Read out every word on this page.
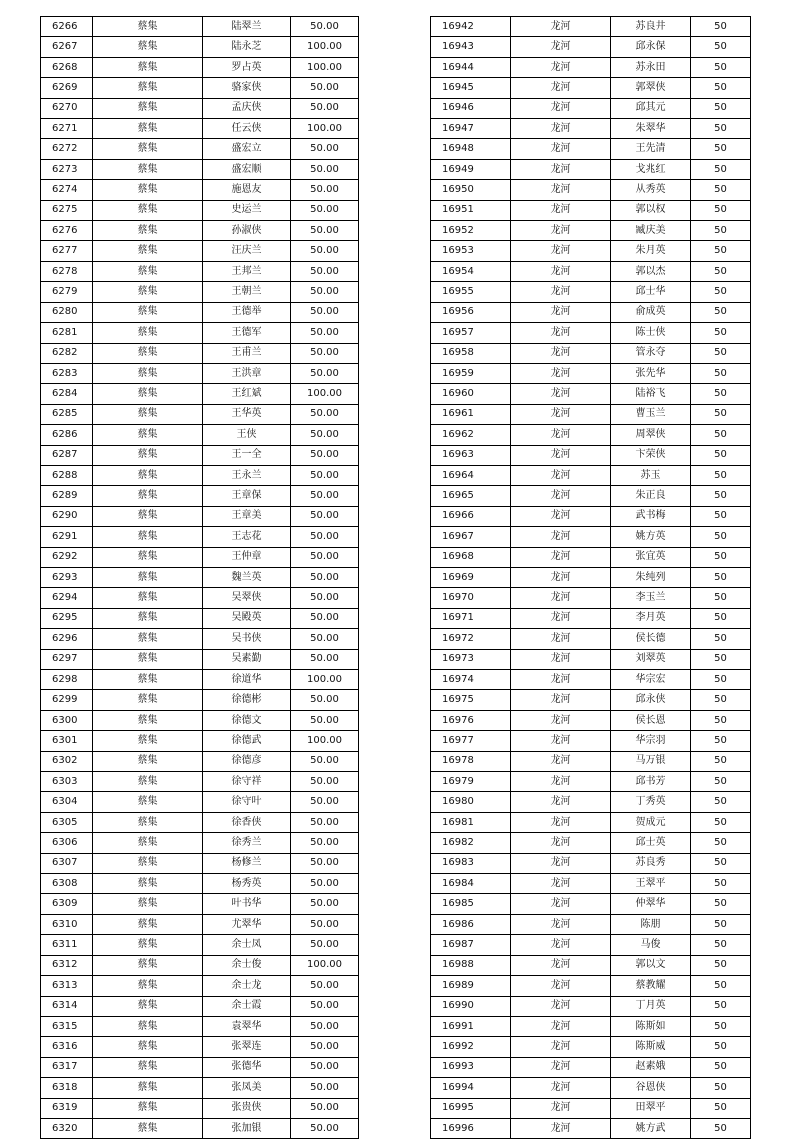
6266	蔡集	陆翠兰	50.00
6267	蔡集	陆永芝	100.00
6268	蔡集	罗占英	100.00
6269	蔡集	骆家侠	50.00
6270	蔡集	孟庆侠	50.00
6271	蔡集	任云侠	100.00
6272	蔡集	盛宏立	50.00
6273	蔡集	盛宏顺	50.00
6274	蔡集	施恩友	50.00
6275	蔡集	史运兰	50.00
6276	蔡集	孙淑侠	50.00
6277	蔡集	汪庆兰	50.00
6278	蔡集	王邦兰	50.00
6279	蔡集	王朝兰	50.00
6280	蔡集	王德举	50.00
6281	蔡集	王德军	50.00
6282	蔡集	王甫兰	50.00
6283	蔡集	王洪章	50.00
6284	蔡集	王红斌	100.00
6285	蔡集	王华英	50.00
6286	蔡集	王侠	50.00
6287	蔡集	王一全	50.00
6288	蔡集	王永兰	50.00
6289	蔡集	王章保	50.00
6290	蔡集	王章美	50.00
6291	蔡集	王志花	50.00
6292	蔡集	王仲章	50.00
6293	蔡集	魏兰英	50.00
6294	蔡集	吴翠侠	50.00
6295	蔡集	吴殿英	50.00
6296	蔡集	吴书侠	50.00
6297	蔡集	吴素勤	50.00
6298	蔡集	徐道华	100.00
6299	蔡集	徐德彬	50.00
6300	蔡集	徐德文	50.00
6301	蔡集	徐德武	100.00
6302	蔡集	徐德彦	50.00
6303	蔡集	徐守祥	50.00
6304	蔡集	徐守叶	50.00
6305	蔡集	徐香侠	50.00
6306	蔡集	徐秀兰	50.00
6307	蔡集	杨修兰	50.00
6308	蔡集	杨秀英	50.00
6309	蔡集	叶书华	50.00
6310	蔡集	尤翠华	50.00
6311	蔡集	余士凤	50.00
6312	蔡集	余士俊	100.00
6313	蔡集	余士龙	50.00
6314	蔡集	余士霞	50.00
6315	蔡集	袁翠华	50.00
6316	蔡集	张翠连	50.00
6317	蔡集	张德华	50.00
6318	蔡集	张凤美	50.00
6319	蔡集	张贵侠	50.00
6320	蔡集	张加银	50.00
16942	龙河	苏良井	50
16943	龙河	邱永保	50
16944	龙河	苏永田	50
16945	龙河	郭翠侠	50
16946	龙河	邱其元	50
16947	龙河	朱翠华	50
16948	龙河	王先清	50
16949	龙河	戈兆红	50
16950	龙河	从秀英	50
16951	龙河	郭以权	50
16952	龙河	臧庆美	50
16953	龙河	朱月英	50
16954	龙河	郭以杰	50
16955	龙河	邱士华	50
16956	龙河	俞成英	50
16957	龙河	陈士侠	50
16958	龙河	管永夺	50
16959	龙河	张先华	50
16960	龙河	陆裕飞	50
16961	龙河	曹玉兰	50
16962	龙河	周翠侠	50
16963	龙河	卞荣侠	50
16964	龙河	苏玉	50
16965	龙河	朱正良	50
16966	龙河	武书梅	50
16967	龙河	姚方英	50
16968	龙河	张宜英	50
16969	龙河	朱纯列	50
16970	龙河	李玉兰	50
16971	龙河	李月英	50
16972	龙河	侯长德	50
16973	龙河	刘翠英	50
16974	龙河	华宗宏	50
16975	龙河	邱永侠	50
16976	龙河	侯长恩	50
16977	龙河	华宗羽	50
16978	龙河	马万银	50
16979	龙河	邱书芳	50
16980	龙河	丁秀英	50
16981	龙河	贺成元	50
16982	龙河	邱士英	50
16983	龙河	苏良秀	50
16984	龙河	王翠平	50
16985	龙河	仲翠华	50
16986	龙河	陈朋	50
16987	龙河	马俊	50
16988	龙河	郭以文	50
16989	龙河	蔡教耀	50
16990	龙河	丁月英	50
16991	龙河	陈斯如	50
16992	龙河	陈斯威	50
16993	龙河	赵素娥	50
16994	龙河	谷恩侠	50
16995	龙河	田翠平	50
16996	龙河	姚方武	50
